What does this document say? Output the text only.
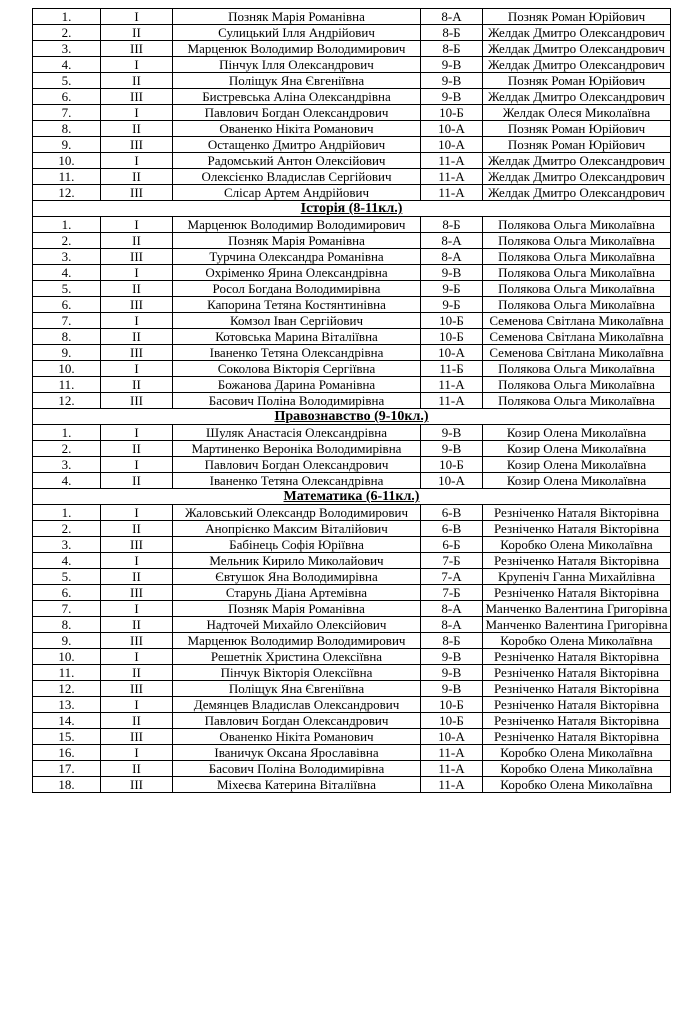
1.	І	Позняк Марія Романівна	8-А	Позняк Роман Юрійович
2.	ІІ	Сулицький Ілля Андрійович	8-Б	Желдак Дмитро Олександрович
3.	ІІІ	Марценюк Володимир Володимирович	8-Б	Желдак Дмитро Олександрович
4.	І	Пінчук Ілля Олександрович	9-В	Желдак Дмитро Олександрович
5.	ІІ	Поліщук Яна Євгеніївна	9-В	Позняк Роман Юрійович
6.	ІІІ	Бистревська Аліна Олександрівна	9-В	Желдак Дмитро Олександрович
7.	І	Павлович Богдан Олександрович	10-Б	Желдак Олеся Миколаївна
8.	ІІ	Ованенко Нікіта Романович	10-А	Позняк Роман Юрійович
9.	ІІІ	Остащенко Дмитро Андрійович	10-А	Позняк Роман Юрійович
10.	І	Радомський Антон Олексійович	11-А	Желдак Дмитро Олександрович
11.	ІІ	Олексієнко Владислав Сергійович	11-А	Желдак Дмитро Олександрович
12.	ІІІ	Слісар Артем Андрійович	11-А	Желдак Дмитро Олександрович
Історія (8-11кл.)				
1.	І	Марценюк Володимир Володимирович	8-Б	Полякова Ольга Миколаївна
2.	ІІ	Позняк Марія Романівна	8-А	Полякова Ольга Миколаївна
3.	ІІІ	Турчина Олександра Романівна	8-А	Полякова Ольга Миколаївна
4.	І	Охріменко Ярина Олександрівна	9-В	Полякова Ольга Миколаївна
5.	ІІ	Росол Богдана Володимирівна	9-Б	Полякова Ольга Миколаївна
6.	ІІІ	Капорина Тетяна Костянтинівна	9-Б	Полякова Ольга Миколаївна
7.	І	Комзол Іван Сергійович	10-Б	Семенова Світлана Миколаївна
8.	ІІ	Котовська Марина Віталіївна	10-Б	Семенова Світлана Миколаївна
9.	ІІІ	Іваненко Тетяна Олександрівна	10-А	Семенова Світлана Миколаївна
10.	І	Соколова Вікторія Сергіївна	11-Б	Полякова Ольга Миколаївна
11.	ІІ	Божанова Дарина Романівна	11-А	Полякова Ольга Миколаївна
12.	ІІІ	Басович Поліна Володимирівна	11-А	Полякова Ольга Миколаївна
Правознавство (9-10кл.)				
1.	І	Шуляк Анастасія Олександрівна	9-В	Козир Олена Миколаївна
2.	ІІ	Мартиненко Вероніка Володимирівна	9-В	Козир Олена Миколаївна
3.	І	Павлович Богдан Олександрович	10-Б	Козир Олена Миколаївна
4.	ІІ	Іваненко Тетяна Олександрівна	10-А	Козир Олена Миколаївна
Математика (6-11кл.)				
1.	І	Жаловський Олександр Володимирович	6-В	Резніченко Наталя Вікторівна
2.	ІІ	Анопрієнко Максим Віталійович	6-В	Резніченко Наталя Вікторівна
3.	ІІІ	Бабінець Софія Юріївна	6-Б	Коробко Олена Миколаївна
4.	І	Мельник Кирило Миколайович	7-Б	Резніченко Наталя Вікторівна
5.	ІІ	Євтушок Яна Володимирівна	7-А	Крупеніч Ганна Михайлівна
6.	ІІІ	Старунь Діана Артемівна	7-Б	Резніченко Наталя Вікторівна
7.	І	Позняк Марія Романівна	8-А	Манченко Валентина Григорівна
8.	ІІ	Надточей Михайло Олексійович	8-А	Манченко Валентина Григорівна
9.	ІІІ	Марценюк Володимир Володимирович	8-Б	Коробко Олена Миколаївна
10.	І	Решетнік Христина Олексіївна	9-В	Резніченко Наталя Вікторівна
11.	ІІ	Пінчук Вікторія Олексіївна	9-В	Резніченко Наталя Вікторівна
12.	ІІІ	Поліщук Яна Євгеніївна	9-В	Резніченко Наталя Вікторівна
13.	І	Демянцев Владислав Олександрович	10-Б	Резніченко Наталя Вікторівна
14.	ІІ	Павлович Богдан Олександрович	10-Б	Резніченко Наталя Вікторівна
15.	ІІІ	Ованенко Нікіта Романович	10-А	Резніченко Наталя Вікторівна
16.	І	Іваничук Оксана Ярославівна	11-А	Коробко Олена Миколаївна
17.	ІІ	Басович Поліна Володимирівна	11-А	Коробко Олена Миколаївна
18.	ІІІ	Міхеєва Катерина Віталіївна	11-А	Коробко Олена Миколаївна
